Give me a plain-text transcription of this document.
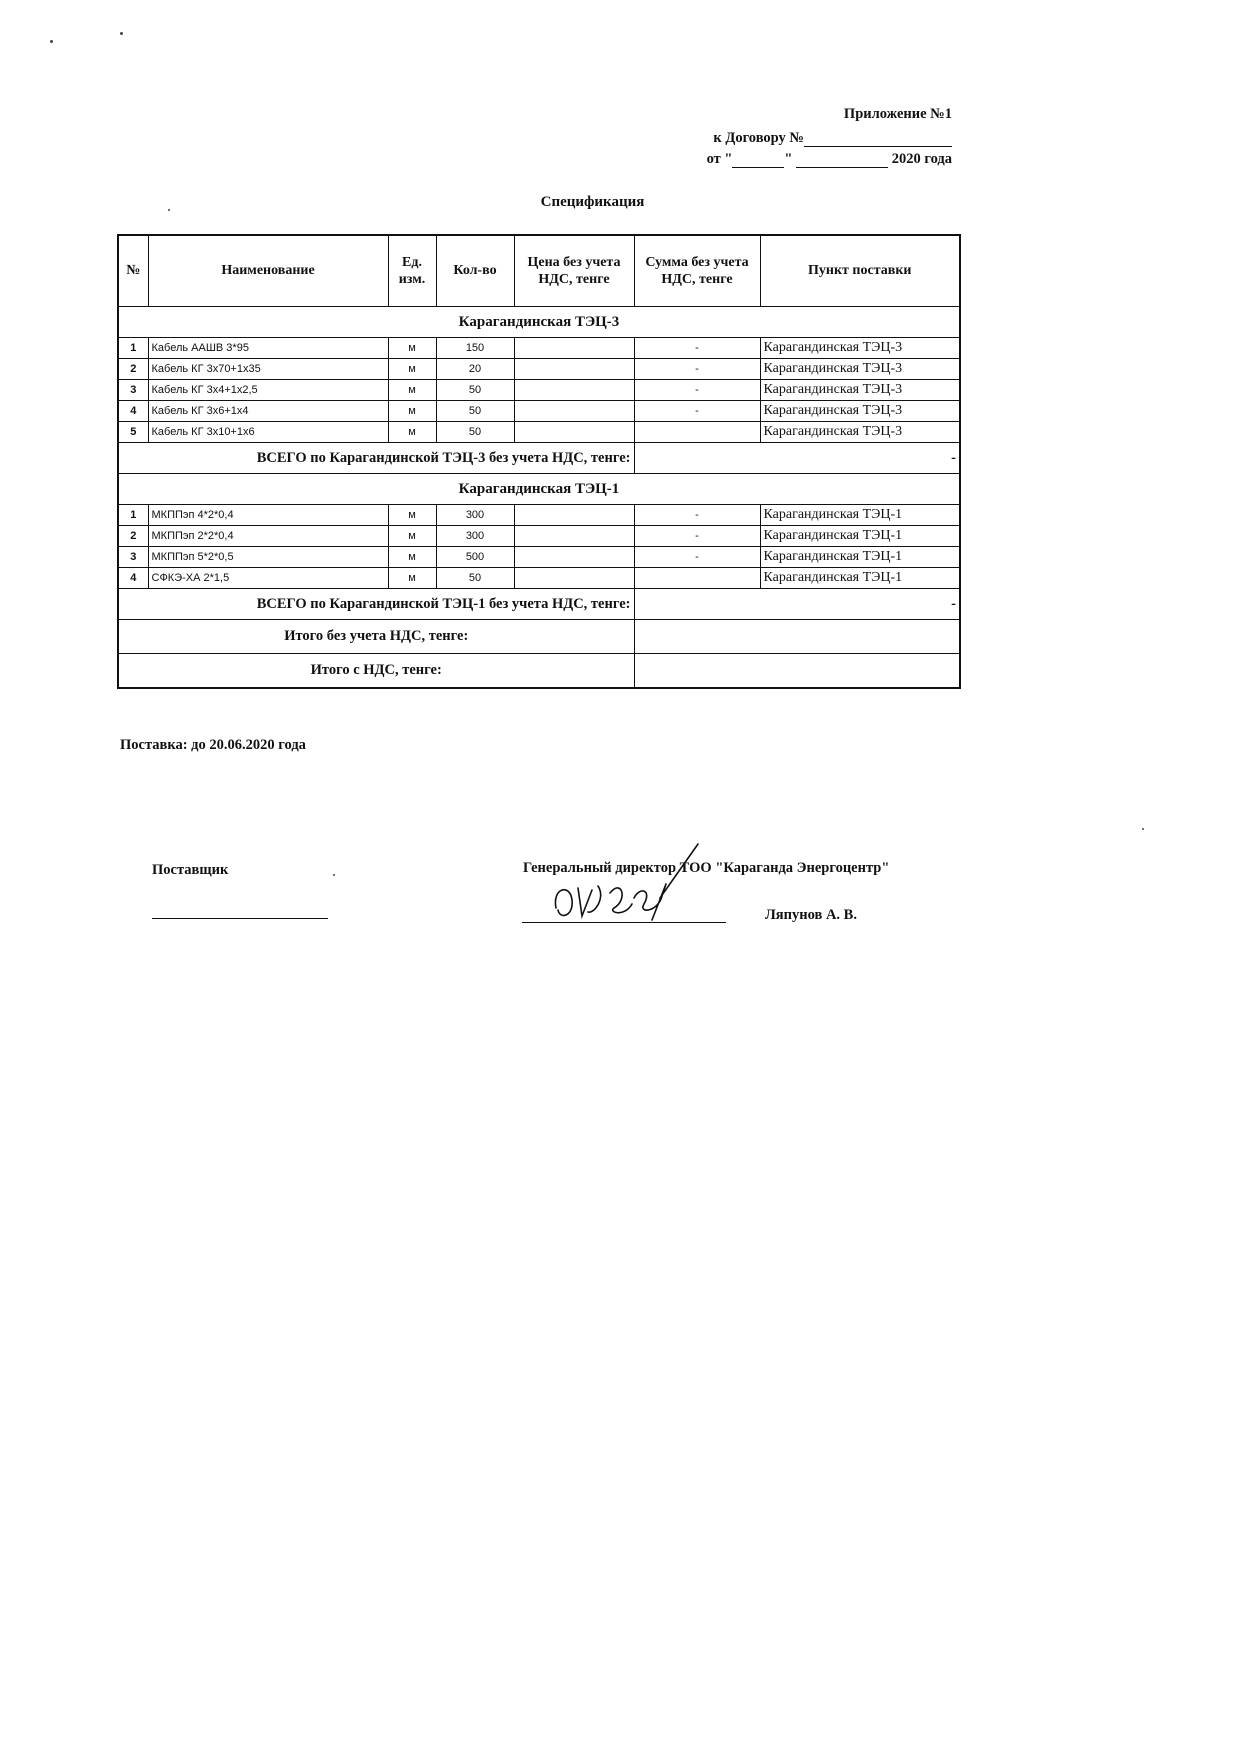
Приложение №1
к Договору №
от "	"	2020 года
Спецификация
№	Наименование	Ед. изм.	Кол-во	Цена без учета НДС, тенге	Сумма без учета НДС, тенге	Пункт поставки
Карагандинская ТЭЦ-3						
1	Кабель ААШВ 3*95	м	150		-	Карагандинская ТЭЦ-3
2	Кабель КГ 3х70+1х35	м	20		-	Карагандинская ТЭЦ-3
3	Кабель КГ 3х4+1х2,5	м	50		-	Карагандинская ТЭЦ-3
4	Кабель КГ 3х6+1х4	м	50		-	Карагандинская ТЭЦ-3
5	Кабель КГ 3х10+1х6	м	50			Карагандинская ТЭЦ-3
ВСЕГО по Карагандинской ТЭЦ-3 без учета НДС, тенге:					-	
Карагандинская ТЭЦ-1						
1	МКППэп 4*2*0,4	м	300		-	Карагандинская ТЭЦ-1
2	МКППэп 2*2*0,4	м	300		-	Карагандинская ТЭЦ-1
3	МКППэп 5*2*0,5	м	500		-	Карагандинская ТЭЦ-1
4	СФКЭ-ХА 2*1,5	м	50			Карагандинская ТЭЦ-1
ВСЕГО по Карагандинской ТЭЦ-1 без учета НДС, тенге:					-	
Итого без учета НДС, тенге:						
Итого с НДС, тенге:						
Поставка: до 20.06.2020 года
Поставщик	Генеральный директор ТОО "Караганда Энергоцентр"
Ляпунов А. В.
